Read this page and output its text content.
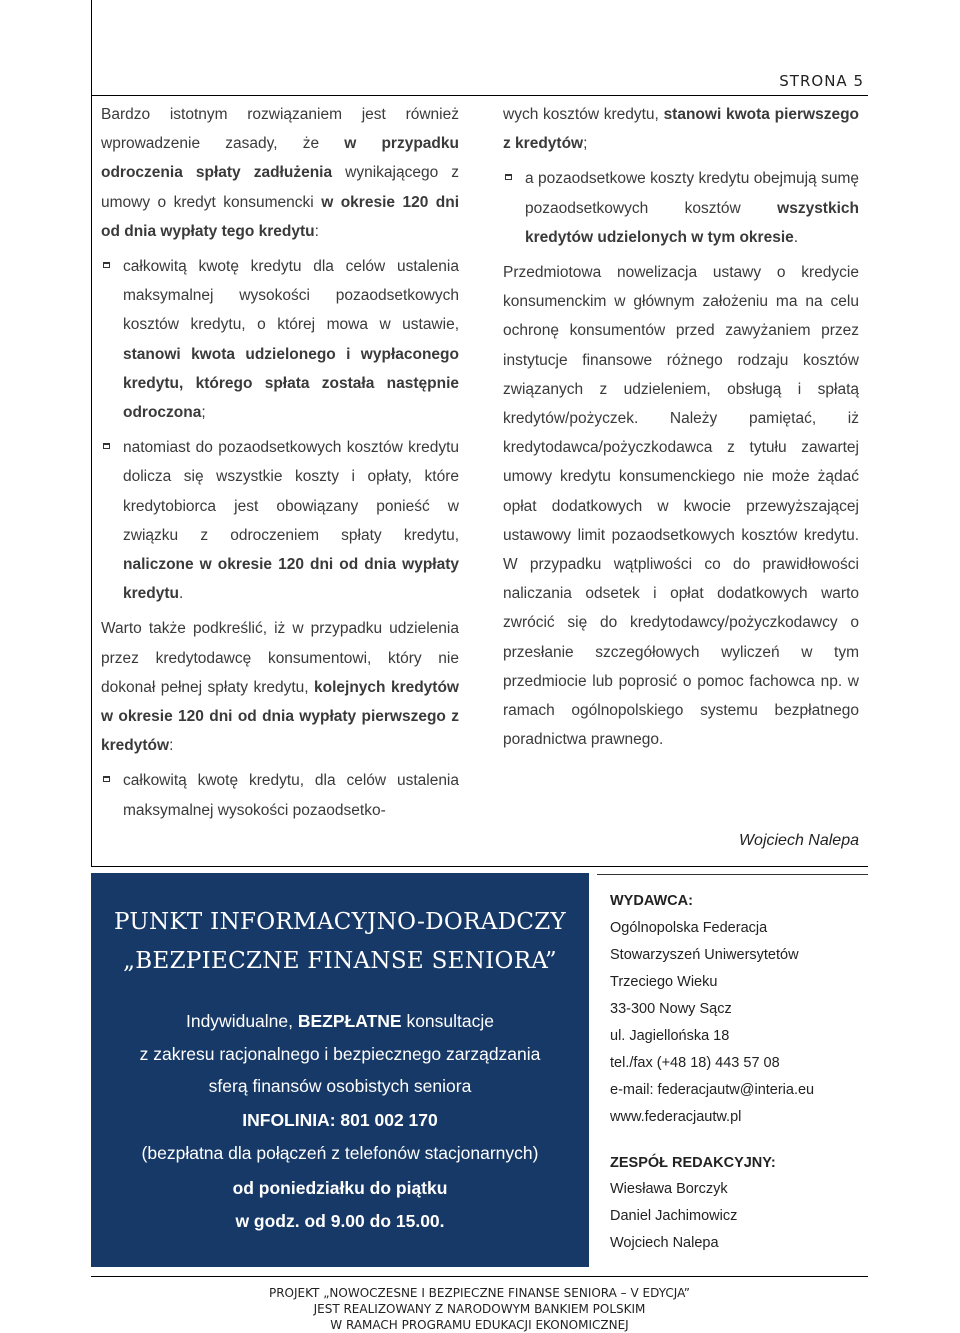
STRONA 5

Bardzo istotnym rozwiązaniem jest również wprowadzenie zasady, że w przypadku odroczenia spłaty zadłużenia wynikającego z umowy o kredyt konsumencki w okresie 120 dni od dnia wypłaty tego kredytu:

całkowitą kwotę kredytu dla celów ustalenia maksymalnej wysokości pozaodsetkowych kosztów kredytu, o której mowa w ustawie, stanowi kwota udzielonego i wypłaconego kredytu, którego spłata została następnie odroczona;
natomiast do pozaodsetkowych kosztów kredytu dolicza się wszystkie koszty i opłaty, które kredytobiorca jest obowiązany ponieść w związku z odroczeniem spłaty kredytu, naliczone w okresie 120 dni od dnia wypłaty kredytu.

Warto także podkreślić, iż w przypadku udzielenia przez kredytodawcę konsumentowi, który nie dokonał pełnej spłaty kredytu, kolejnych kredytów w okresie 120 dni od dnia wypłaty pierwszego z kredytów:

całkowitą kwotę kredytu, dla celów ustalenia maksymalnej wysokości pozaodsetko-

wych kosztów kredytu, stanowi kwota pierwszego z kredytów;

a pozaodsetkowe koszty kredytu obejmują sumę pozaodsetkowych kosztów wszystkich kredytów udzielonych w tym okresie.

Przedmiotowa nowelizacja ustawy o kredycie konsumenckim w głównym założeniu ma na celu ochronę konsumentów przed zawyżaniem przez instytucje finansowe różnego rodzaju kosztów związanych z udzieleniem, obsługą i spłatą kredytów/pożyczek. Należy pamiętać, iż kredytodawca/pożyczkodawca z tytułu zawartej umowy kredytu konsumenckiego nie może żądać opłat dodatkowych w kwocie przewyższającej ustawowy limit pozaodsetkowych kosztów kredytu. W przypadku wątpliwości co do prawidłowości naliczania odsetek i opłat dodatkowych warto zwrócić się do kredytodawcy/pożyczkodawcy o przesłanie szczegółowych wyliczeń w tym przedmiocie lub poprosić o pomoc fachowca np. w ramach ogólnopolskiego systemu bezpłatnego poradnictwa prawnego.

Wojciech Nalepa
PUNKT INFORMACYJNO-DORADCZY
„BEZPIECZNE FINANSE SENIORA”
Indywidualne, BEZPŁATNE konsultacje
z zakresu racjonalnego i bezpiecznego zarządzania
sferą finansów osobistych seniora
INFOLINIA: 801 002 170
(bezpłatna dla połączeń z telefonów stacjonarnych)
od poniedziałku do piątku
w godz. od 9.00 do 15.00.
WYDAWCA:
Ogólnopolska Federacja
Stowarzyszeń Uniwersytetów
Trzeciego Wieku
33-300 Nowy Sącz
ul. Jagiellońska 18
tel./fax (+48 18) 443 57 08
e-mail: federacjautw@interia.eu
www.federacjautw.pl
ZESPÓŁ REDAKCYJNY:
Wiesława Borczyk
Daniel Jachimowicz
Wojciech Nalepa
PROJEKT „NOWOCZESNE I BEZPIECZNE FINANSE SENIORA – V EDYCJA”
JEST REALIZOWANY Z NARODOWYM BANKIEM POLSKIM
W RAMACH PROGRAMU EDUKACJI EKONOMICZNEJ
